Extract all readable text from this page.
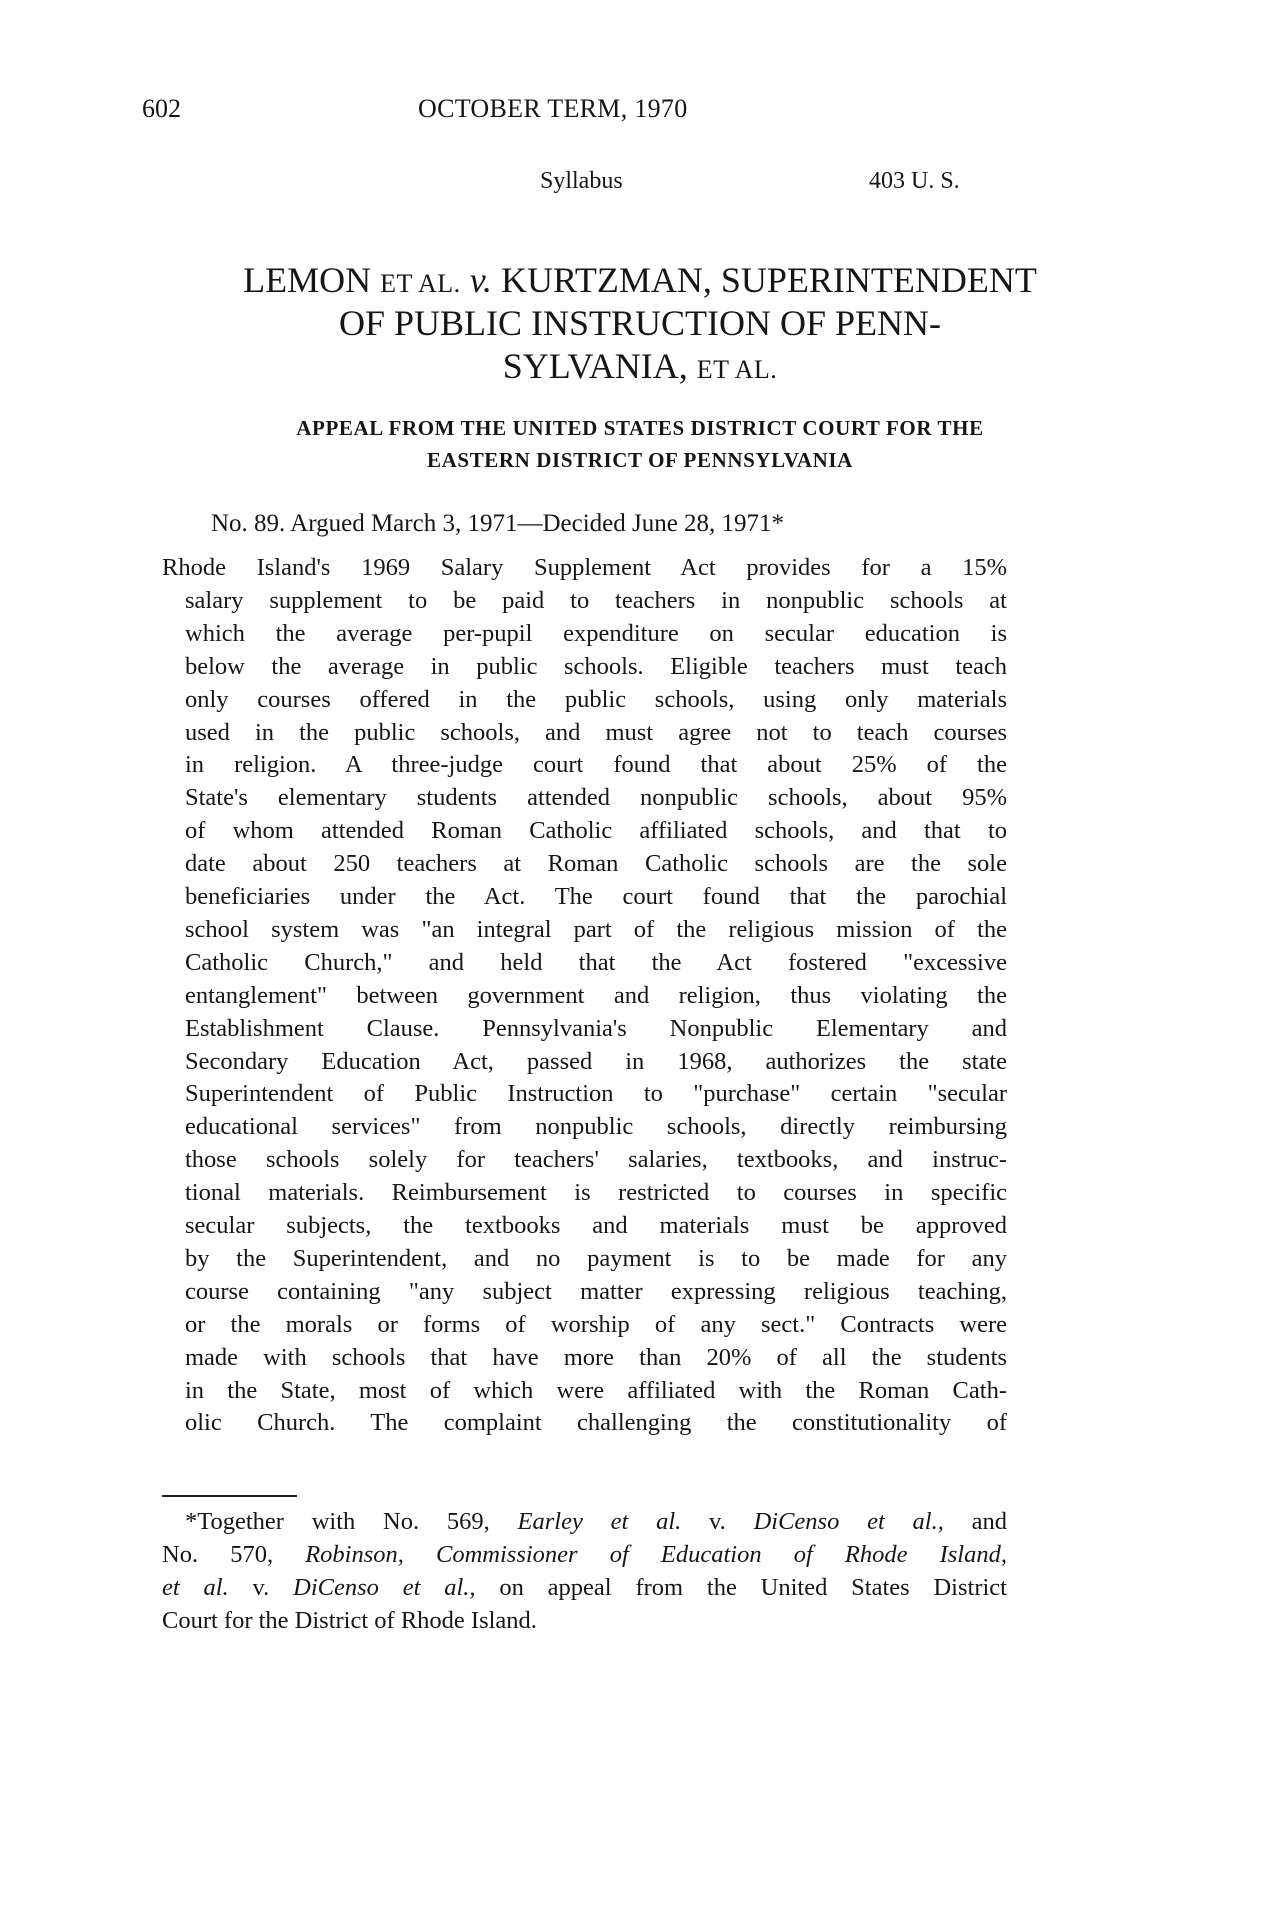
602	OCTOBER TERM, 1970
Syllabus	403 U. S.
LEMON ET AL. v. KURTZMAN, SUPERINTENDENT
OF PUBLIC INSTRUCTION OF PENN-
SYLVANIA, ET AL.
APPEAL FROM THE UNITED STATES DISTRICT COURT FOR THE
EASTERN DISTRICT OF PENNSYLVANIA
No. 89. Argued March 3, 1971—Decided June 28, 1971*
Rhode Island's 1969 Salary Supplement Act provides for a 15%
salary supplement to be paid to teachers in nonpublic schools at
which the average per-pupil expenditure on secular education is
below the average in public schools. Eligible teachers must teach
only courses offered in the public schools, using only materials
used in the public schools, and must agree not to teach courses
in religion. A three-judge court found that about 25% of the
State's elementary students attended nonpublic schools, about 95%
of whom attended Roman Catholic affiliated schools, and that to
date about 250 teachers at Roman Catholic schools are the sole
beneficiaries under the Act. The court found that the parochial
school system was "an integral part of the religious mission of the
Catholic Church," and held that the Act fostered "excessive
entanglement" between government and religion, thus violating the
Establishment Clause. Pennsylvania's Nonpublic Elementary and
Secondary Education Act, passed in 1968, authorizes the state
Superintendent of Public Instruction to "purchase" certain "secular
educational services" from nonpublic schools, directly reimbursing
those schools solely for teachers' salaries, textbooks, and instruc-
tional materials. Reimbursement is restricted to courses in specific
secular subjects, the textbooks and materials must be approved
by the Superintendent, and no payment is to be made for any
course containing "any subject matter expressing religious teaching,
or the morals or forms of worship of any sect." Contracts were
made with schools that have more than 20% of all the students
in the State, most of which were affiliated with the Roman Cath-
olic Church. The complaint challenging the constitutionality of
*Together with No. 569, Earley et al. v. DiCenso et al., and
No. 570, Robinson, Commissioner of Education of Rhode Island,
et al. v. DiCenso et al., on appeal from the United States District
Court for the District of Rhode Island.
